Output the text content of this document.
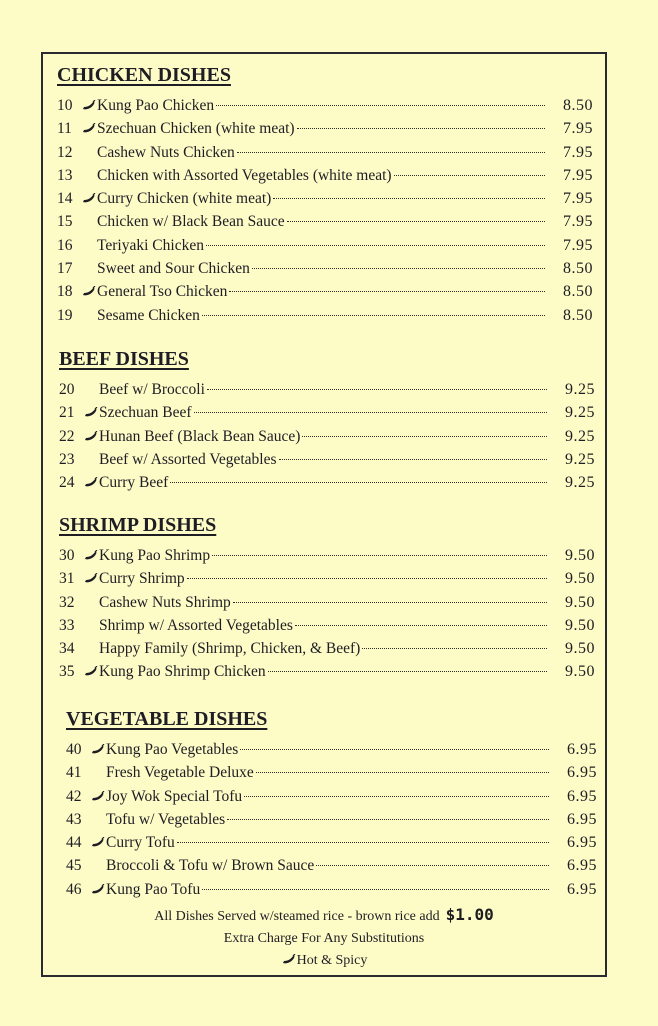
CHICKEN DISHES
10	Kung Pao Chicken	8.50
11	Szechuan Chicken (white meat)	7.95
12	Cashew Nuts Chicken	7.95
13	Chicken with Assorted Vegetables (white meat)	7.95
14	Curry Chicken (white meat)	7.95
15	Chicken w/ Black Bean Sauce	7.95
16	Teriyaki Chicken	7.95
17	Sweet and Sour Chicken	8.50
18	General Tso Chicken	8.50
19	Sesame Chicken	8.50
BEEF DISHES
20	Beef w/ Broccoli	9.25
21	Szechuan Beef	9.25
22	Hunan Beef (Black Bean Sauce)	9.25
23	Beef w/ Assorted Vegetables	9.25
24	Curry Beef	9.25
SHRIMP DISHES
30	Kung Pao Shrimp	9.50
31	Curry Shrimp	9.50
32	Cashew Nuts Shrimp	9.50
33	Shrimp w/ Assorted Vegetables	9.50
34	Happy Family (Shrimp, Chicken, & Beef)	9.50
35	Kung Pao Shrimp Chicken	9.50
VEGETABLE DISHES
40	Kung Pao Vegetables	6.95
41	Fresh Vegetable Deluxe	6.95
42	Joy Wok Special Tofu	6.95
43	Tofu w/ Vegetables	6.95
44	Curry Tofu	6.95
45	Broccoli & Tofu w/ Brown Sauce	6.95
46	Kung Pao Tofu	6.95
All Dishes Served w/steamed rice - brown rice add $1.00
Extra Charge For Any Substitutions
Hot & Spicy
